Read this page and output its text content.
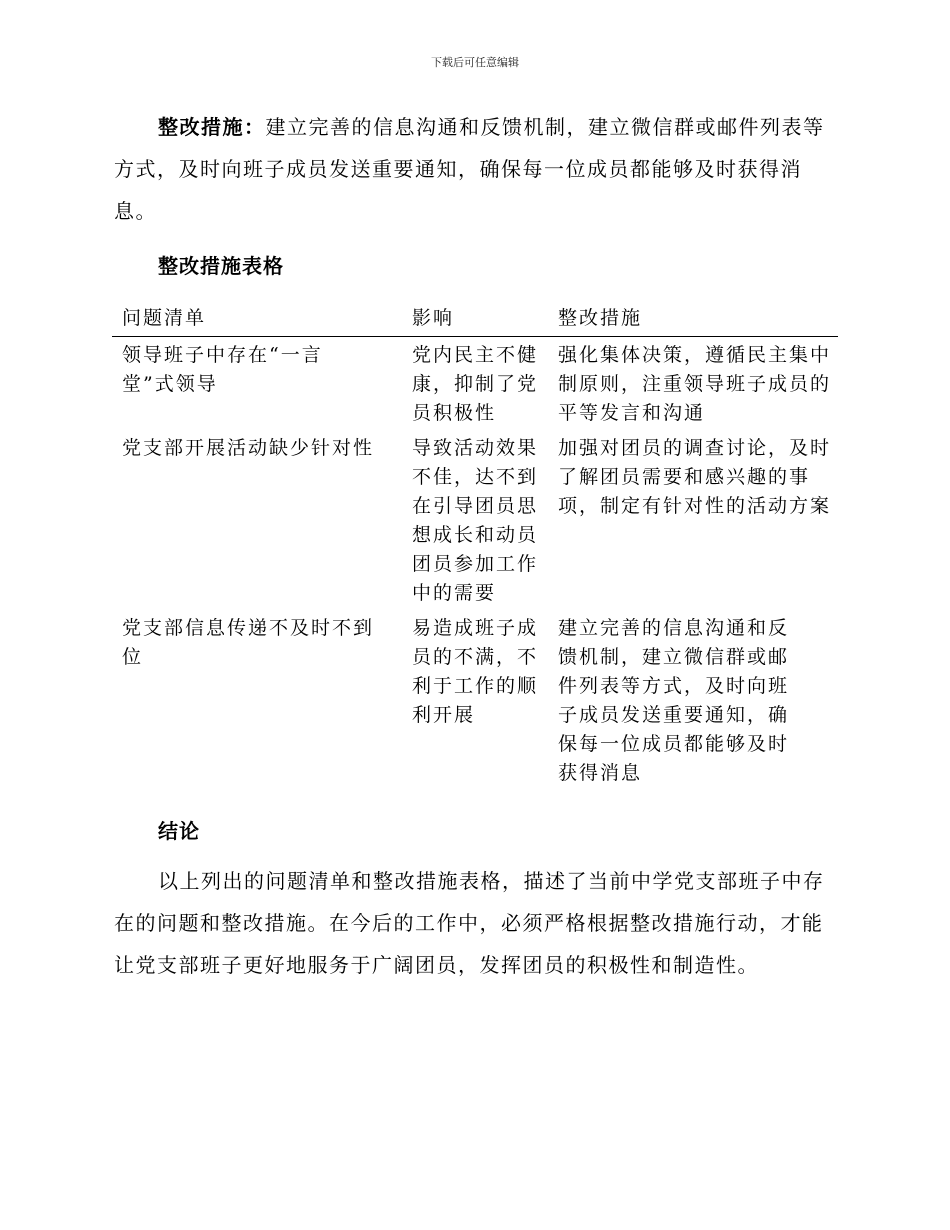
下载后可任意编辑

整改措施：建立完善的信息沟通和反馈机制，建立微信群或邮件列表等方式，及时向班子成员发送重要通知，确保每一位成员都能够及时获得消息。

整改措施表格
问题清单	影响	整改措施
领导班子中存在“一言堂”式领导	党内民主不健康，抑制了党员积极性	强化集体决策，遵循民主集中制原则，注重领导班子成员的平等发言和沟通
党支部开展活动缺少针对性	导致活动效果不佳，达不到在引导团员思想成长和动员团员参加工作中的需要	加强对团员的调查讨论，及时了解团员需要和感兴趣的事项，制定有针对性的活动方案
党支部信息传递不及时不到位	易造成班子成员的不满，不利于工作的顺利开展	建立完善的信息沟通和反馈机制，建立微信群或邮件列表等方式，及时向班子成员发送重要通知，确保每一位成员都能够及时获得消息
结论

以上列出的问题清单和整改措施表格，描述了当前中学党支部班子中存在的问题和整改措施。在今后的工作中，必须严格根据整改措施行动，才能让党支部班子更好地服务于广阔团员，发挥团员的积极性和制造性。
